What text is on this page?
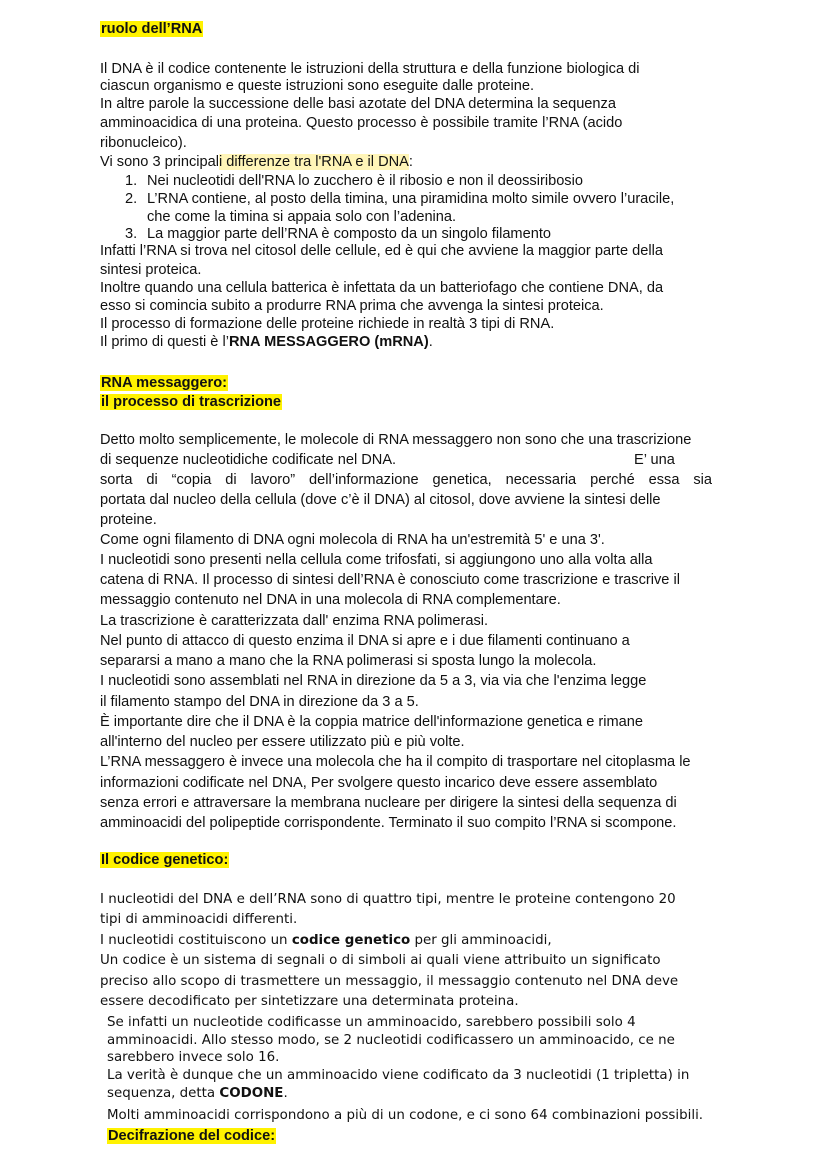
ruolo dell’RNA
Il DNA è il codice contenente le istruzioni della struttura e della funzione biologica di
ciascun organismo e queste istruzioni sono eseguite dalle proteine.
In altre parole la successione delle basi azotate del DNA determina la sequenza
amminoacidica di una proteina. Questo processo è possibile tramite l’RNA (acido
ribonucleico).
Vi sono 3 principali differenze tra l'RNA e il DNA:
1. Nei nucleotidi dell'RNA lo zucchero è il ribosio e non il deossiribosio
2. L’RNA contiene, al posto della timina, una piramidina molto simile ovvero l’uracile,
che come la timina si appaia solo con l’adenina.
3. La maggior parte dell’RNA è composto da un singolo filamento
Infatti l’RNA si trova nel citosol delle cellule, ed è qui che avviene la maggior parte della
sintesi proteica.
Inoltre quando una cellula batterica è infettata da un batteriofago che contiene DNA, da
esso si comincia subito a produrre RNA prima che avvenga la sintesi proteica.
Il processo di formazione delle proteine richiede in realtà 3 tipi di RNA.
Il primo di questi è l’RNA MESSAGGERO (mRNA).
RNA messaggero:
il processo di trascrizione
Detto molto semplicemente, le molecole di RNA messaggero non sono che una trascrizione
di sequenze nucleotidiche codificate nel DNA.	E’ una
sorta di “copia di lavoro” dell’informazione genetica, necessaria perché essa sia
portata dal nucleo della cellula (dove c’è il DNA) al citosol, dove avviene la sintesi delle
proteine.
Come ogni filamento di DNA ogni molecola di RNA ha un'estremità 5' e una 3'.
I nucleotidi sono presenti nella cellula come trifosfati, si aggiungono uno alla volta alla
catena di RNA. Il processo di sintesi dell’RNA è conosciuto come trascrizione e trascrive il
messaggio contenuto nel DNA in una molecola di RNA complementare.
La trascrizione è caratterizzata dall' enzima RNA polimerasi.
Nel punto di attacco di questo enzima il DNA si apre e i due filamenti continuano a
separarsi a mano a mano che la RNA polimerasi si sposta lungo la molecola.
I nucleotidi sono assemblati nel RNA in direzione da 5 a 3, via via che l'enzima legge
il filamento stampo del DNA in direzione da 3 a 5.
È importante dire che il DNA è la coppia matrice dell'informazione genetica e rimane
all'interno del nucleo per essere utilizzato più e più volte.
L’RNA messaggero è invece una molecola che ha il compito di trasportare nel citoplasma le
informazioni codificate nel DNA, Per svolgere questo incarico deve essere assemblato
senza errori e attraversare la membrana nucleare per dirigere la sintesi della sequenza di
amminoacidi del polipeptide corrispondente. Terminato il suo compito l’RNA si scompone.
Il codice genetico:
I nucleotidi del DNA e dell’RNA sono di quattro tipi, mentre le proteine contengono 20
tipi di amminoacidi differenti.
I nucleotidi costituiscono un codice genetico per gli amminoacidi,
Un codice è un sistema di segnali o di simboli ai quali viene attribuito un significato
preciso allo scopo di trasmettere un messaggio, il messaggio contenuto nel DNA deve
essere decodificato per sintetizzare una determinata proteina.
Se infatti un nucleotide codificasse un amminoacido, sarebbero possibili solo 4
amminoacidi. Allo stesso modo, se 2 nucleotidi codificassero un amminoacido, ce ne
sarebbero invece solo 16.
La verità è dunque che un amminoacido viene codificato da 3 nucleotidi (1 tripletta) in
sequenza, detta CODONE.
Molti amminoacidi corrispondono a più di un codone, e ci sono 64 combinazioni possibili.
Decifrazione del codice:
